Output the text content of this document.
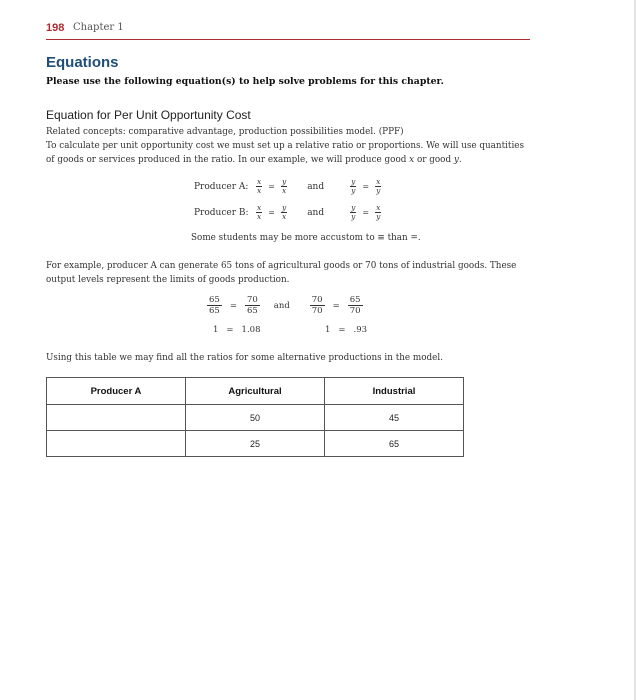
198 Chapter 1
Equations
Please use the following equation(s) to help solve problems for this chapter.
Equation for Per Unit Opportunity Cost
Related concepts: comparative advantage, production possibilities model. (PPF)
To calculate per unit opportunity cost we must set up a relative ratio or proportions. We will use quantities
of goods or services produced in the ratio. In our example, we will produce good x or good y.
Producer A:	$\frac{x}{x} = \frac{y}{x}$ and	$\frac{y}{y} = \frac{x}{y}$
Producer B: $\frac{x}{x} = \frac{y}{x}$ and	$\frac{y}{y} = \frac{x}{y}$
Some students may be more accustom to ≡ than =.
For example, producer A can generate 65 tons of agricultural goods or 70 tons of industrial goods. These
output levels represent the limits of goods production.
$\frac{65}{65} = \frac{70}{65}$ and $\frac{70}{70} = \frac{65}{70}$
1 = 1.08	1 = .93
Using this table we may find all the ratios for some alternative productions in the model.
Producer A	Agricultural	Industrial
	50	45
	25	65
